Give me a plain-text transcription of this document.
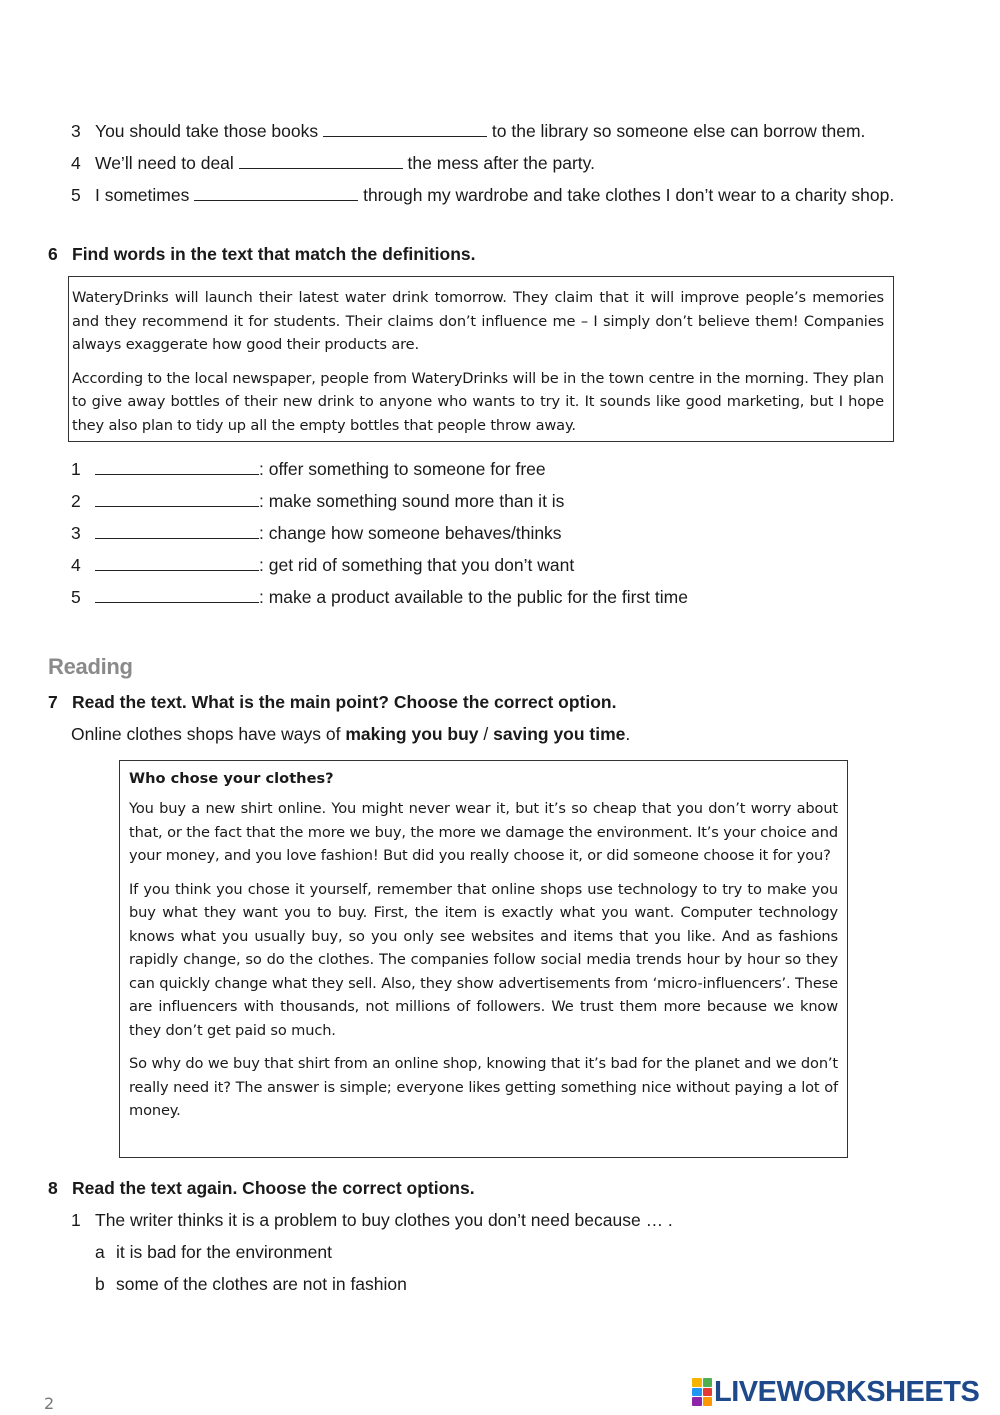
3 You should take those books	to the library so someone else can borrow them.
4 We’ll need to deal	the mess after the party.
5 I sometimes	through my wardrobe and take clothes I don’t wear to a charity shop.
6 Find words in the text that match the definitions.

WateryDrinks will launch their latest water drink tomorrow. They claim that it will improve people’s memories and they recommend it for students. Their claims don’t influence me – I simply don’t believe them! Companies always exaggerate how good their products are.

According to the local newspaper, people from WateryDrinks will be in the town centre in the morning. They plan to give away bottles of their new drink to anyone who wants to try it. It sounds like good marketing, but I hope they also plan to tidy up all the empty bottles that people throw away.

1	: offer something to someone for free
2	: make something sound more than it is
3	: change how someone behaves/thinks
4	: get rid of something that you don’t want
5	: make a product available to the public for the first time
Reading
7 Read the text. What is the main point? Choose the correct option.
Online clothes shops have ways of making you buy / saving you time.
Who chose your clothes?

You buy a new shirt online. You might never wear it, but it’s so cheap that you don’t worry about that, or the fact that the more we buy, the more we damage the environment. It’s your choice and your money, and you love fashion! But did you really choose it, or did someone choose it for you?

If you think you chose it yourself, remember that online shops use technology to try to make you buy what they want you to buy. First, the item is exactly what you want. Computer technology knows what you usually buy, so you only see websites and items that you like. And as fashions rapidly change, so do the clothes. The companies follow social media trends hour by hour so they can quickly change what they sell. Also, they show advertisements from ‘micro-influencers’. These are influencers with thousands, not millions of followers. We trust them more because we know they don’t get paid so much.

So why do we buy that shirt from an online shop, knowing that it’s bad for the planet and we don’t really need it? The answer is simple; everyone likes getting something nice without paying a lot of money.

8 Read the text again. Choose the correct options.
1 The writer thinks it is a problem to buy clothes you don’t need because … .
a it is bad for the environment
b some of the clothes are not in fashion
2	LIVEWORKSHEETS
